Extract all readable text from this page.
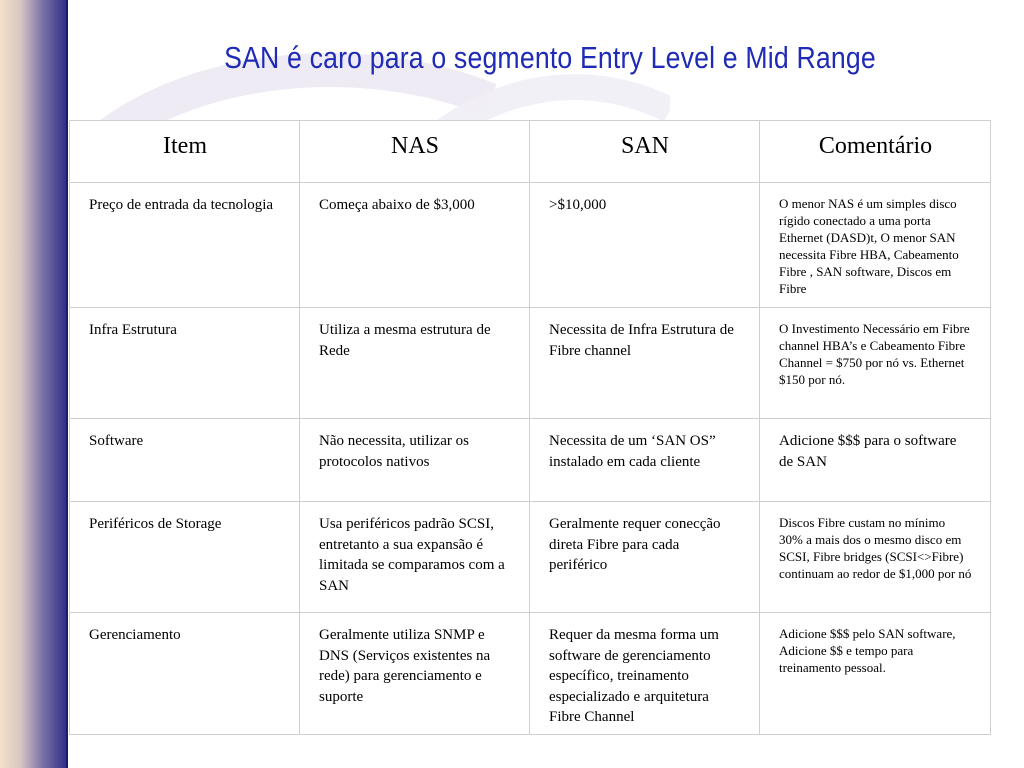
SAN é caro para o segmento Entry Level e Mid Range
Item	NAS	SAN	Comentário
Preço de entrada da tecnologia	Começa abaixo de $3,000	>$10,000	O menor NAS é um simples disco rígido conectado a uma porta Ethernet (DASD)t, O menor SAN necessita Fibre HBA, Cabeamento Fibre , SAN software, Discos em Fibre
Infra Estrutura	Utiliza a mesma estrutura de Rede	Necessita de Infra Estrutura de Fibre channel	O Investimento Necessário em Fibre channel HBA’s e Cabeamento Fibre Channel = $750 por nó vs. Ethernet $150 por nó.
Software	Não necessita, utilizar os protocolos nativos	Necessita de um ‘SAN OS” instalado em cada cliente	Adicione $$$ para o software de SAN
Periféricos de Storage	Usa periféricos padrão SCSI, entretanto a sua expansão é limitada se comparamos com a SAN	Geralmente requer conecção direta Fibre para cada periférico	Discos Fibre custam no mínimo 30% a mais dos o mesmo disco em SCSI, Fibre bridges (SCSI<>Fibre) continuam ao redor de $1,000 por nó
Gerenciamento	Geralmente utiliza SNMP e DNS (Serviços existentes na rede) para gerenciamento e suporte	Requer da mesma forma um software de gerenciamento específico, treinamento especializado e arquitetura Fibre Channel	Adicione $$$ pelo SAN software, Adicione $$ e tempo para treinamento pessoal.
